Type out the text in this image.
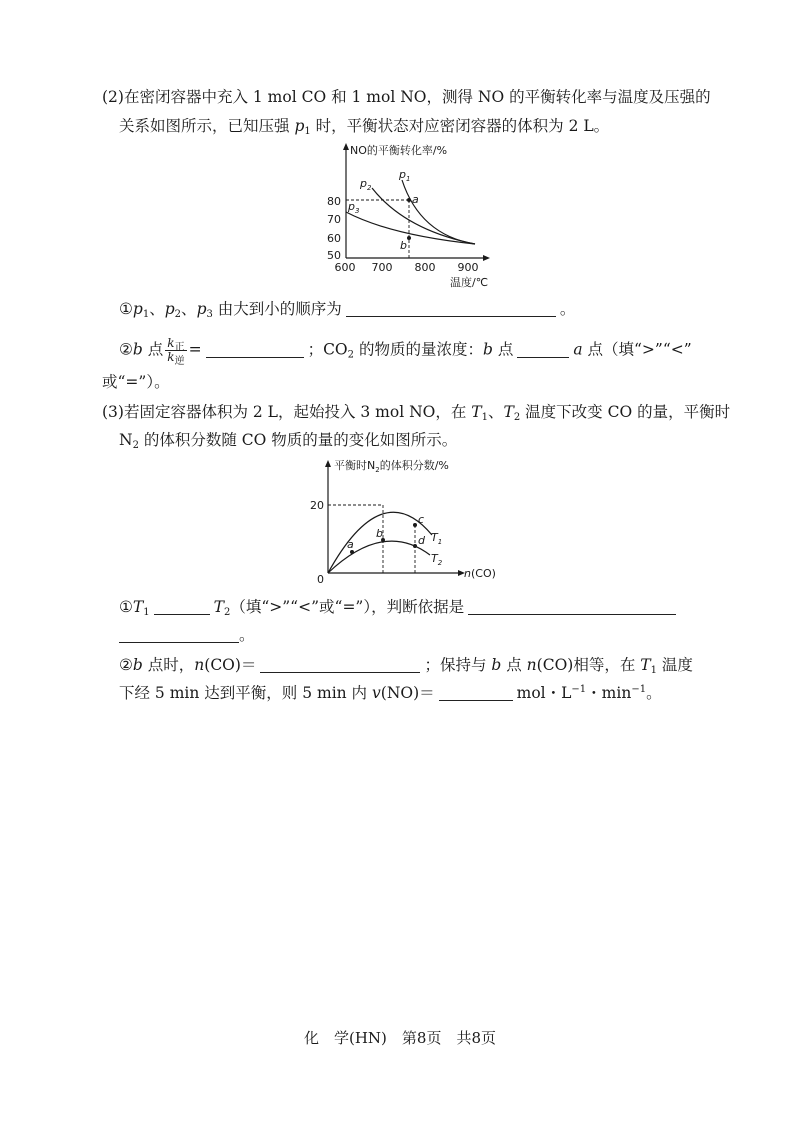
(2)在密闭容器中充入 1 mol CO 和 1 mol NO，测得 NO 的平衡转化率与温度及压强的
关系如图所示，已知压强 $p_1$ 时，平衡状态对应密闭容器的体积为 2 L。
NO的平衡转化率/%
80
70
60
50
600 700 800 900
温度/℃
a
b
$p_1$
$p_2$
$p_3$
$①p_1$、$p_2$、$p_3$ 由大到小的顺序为	。
②b 点 $\frac{k_正}{k_逆}$ =	；$CO_2$ 的物质的量浓度：b 点	a 点（填“>”“<”
或“=”）。
(3)若固定容器体积为 2 L，起始投入 3 mol NO，在 $T_1$、$T_2$ 温度下改变 CO 的量，平衡时
$N_2$ 的体积分数随 CO 物质的量的变化如图所示。
平衡时$N_2$的体积分数/%
20
0	n(CO)
a
b
c
d $T_1$
$T_2$
$①T_1$	$T_2$（填“>”“<”或“=”），判断依据是
。
②b 点时，n(CO)＝	；保持与 b 点 n(CO)相等，在 $T_1$ 温度
下经 5 min 达到平衡，则 5 min 内 v(NO)＝	mol・$L^{-1}$・$\min^{-1}$。
化　学(HN)　第8页　共8页
